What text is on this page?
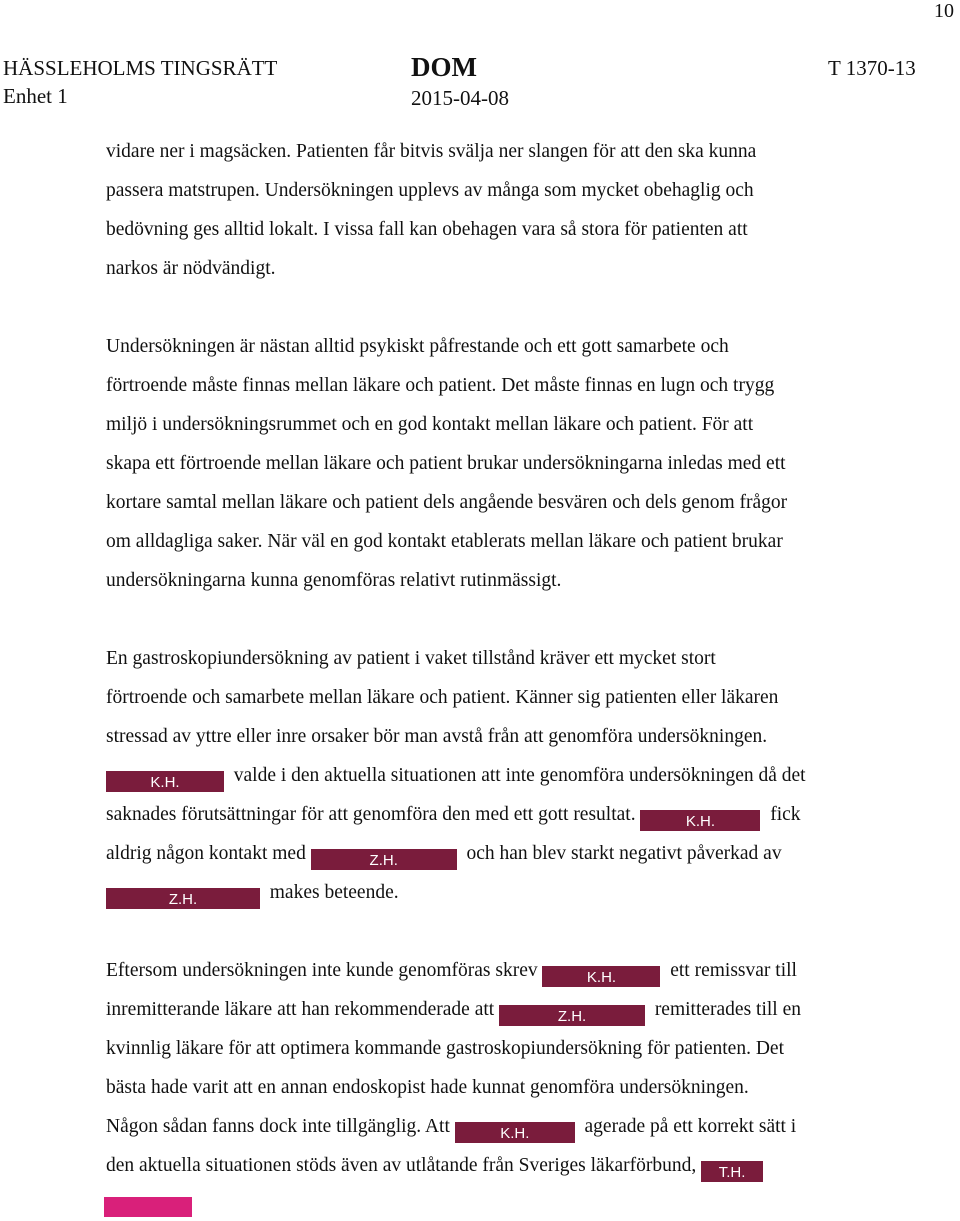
10
HÄSSLEHOLMS TINGSRÄTT
Enhet 1
DOM
2015-04-08
T 1370-13
vidare ner i magsäcken. Patienten får bitvis svälja ner slangen för att den ska kunna
passera matstrupen. Undersökningen upplevs av många som mycket obehaglig och
bedövning ges alltid lokalt. I vissa fall kan obehagen vara så stora för patienten att
narkos är nödvändigt.
Undersökningen är nästan alltid psykiskt påfrestande och ett gott samarbete och
förtroende måste finnas mellan läkare och patient. Det måste finnas en lugn och trygg
miljö i undersökningsrummet och en god kontakt mellan läkare och patient. För att
skapa ett förtroende mellan läkare och patient brukar undersökningarna inledas med ett
kortare samtal mellan läkare och patient dels angående besvären och dels genom frågor
om alldagliga saker. När väl en god kontakt etablerats mellan läkare och patient brukar
undersökningarna kunna genomföras relativt rutinmässigt.
En gastroskopiundersökning av patient i vaket tillstånd kräver ett mycket stort
förtroende och samarbete mellan läkare och patient. Känner sig patienten eller läkaren
stressad av yttre eller inre orsaker bör man avstå från att genomföra undersökningen.
K.H.	valde i den aktuella situationen att inte genomföra undersökningen då det
saknades förutsättningar för att genomföra den med ett gott resultat.	K.H.	fick
aldrig någon kontakt med	Z.H.	och han blev starkt negativt påverkad av
Z.H.	makes beteende.
Eftersom undersökningen inte kunde genomföras skrev	K.H.	ett remissvar till
inremitterande läkare att han rekommenderade att	Z.H.	remitterades till en
kvinnlig läkare för att optimera kommande gastroskopiundersökning för patienten. Det
bästa hade varit att en annan endoskopist hade kunnat genomföra undersökningen.
Någon sådan fanns dock inte tillgänglig. Att	K.H.	agerade på ett korrekt sätt i
den aktuella situationen stöds även av utlåtande från Sveriges läkarförbund, T.H.
